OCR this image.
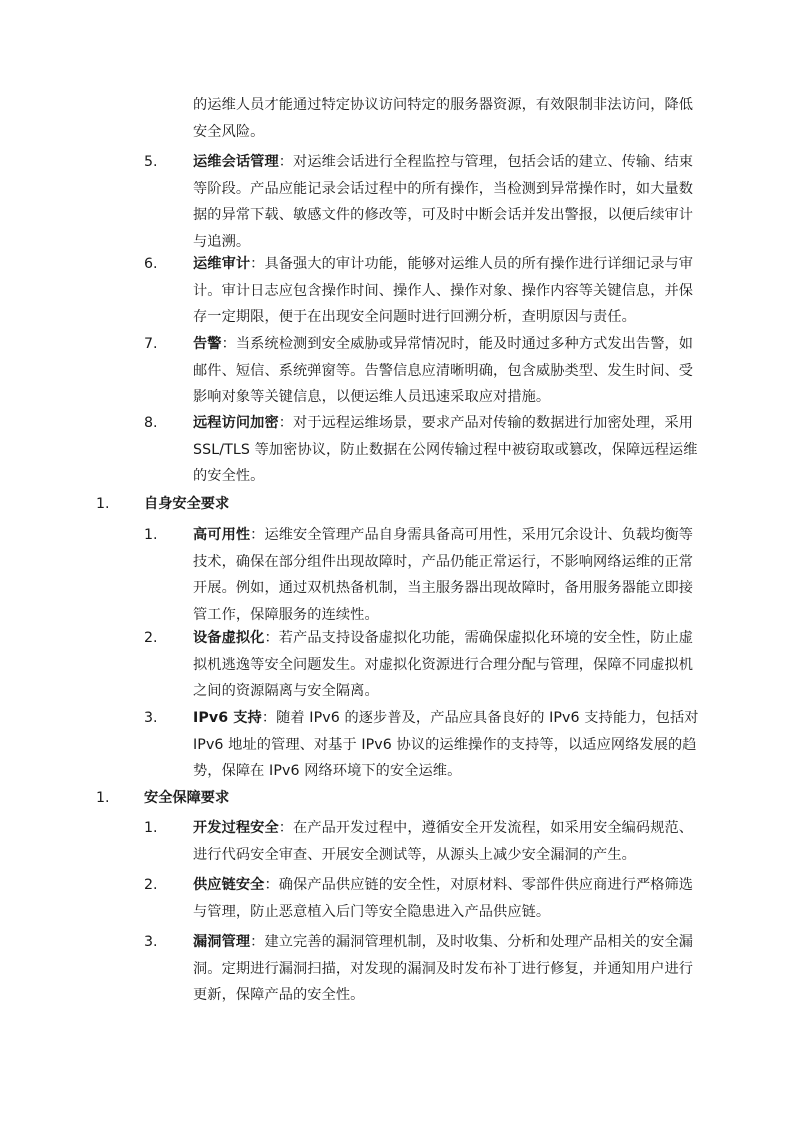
的运维人员才能通过特定协议访问特定的服务器资源，有效限制非法访问，降低安全风险。
5. 运维会话管理：对运维会话进行全程监控与管理，包括会话的建立、传输、结束等阶段。产品应能记录会话过程中的所有操作，当检测到异常操作时，如大量数据的异常下载、敏感文件的修改等，可及时中断会话并发出警报，以便后续审计与追溯。
6. 运维审计：具备强大的审计功能，能够对运维人员的所有操作进行详细记录与审计。审计日志应包含操作时间、操作人、操作对象、操作内容等关键信息，并保存一定期限，便于在出现安全问题时进行回溯分析，查明原因与责任。
7. 告警：当系统检测到安全威胁或异常情况时，能及时通过多种方式发出告警，如邮件、短信、系统弹窗等。告警信息应清晰明确，包含威胁类型、发生时间、受影响对象等关键信息，以便运维人员迅速采取应对措施。
8. 远程访问加密：对于远程运维场景，要求产品对传输的数据进行加密处理，采用 SSL/TLS 等加密协议，防止数据在公网传输过程中被窃取或篡改，保障远程运维的安全性。
1. 自身安全要求
1. 高可用性：运维安全管理产品自身需具备高可用性，采用冗余设计、负载均衡等技术，确保在部分组件出现故障时，产品仍能正常运行，不影响网络运维的正常开展。例如，通过双机热备机制，当主服务器出现故障时，备用服务器能立即接管工作，保障服务的连续性。
2. 设备虚拟化：若产品支持设备虚拟化功能，需确保虚拟化环境的安全性，防止虚拟机逃逸等安全问题发生。对虚拟化资源进行合理分配与管理，保障不同虚拟机之间的资源隔离与安全隔离。
3. IPv6 支持：随着 IPv6 的逐步普及，产品应具备良好的 IPv6 支持能力，包括对 IPv6 地址的管理、对基于 IPv6 协议的运维操作的支持等，以适应网络发展的趋势，保障在 IPv6 网络环境下的安全运维。
1. 安全保障要求
1. 开发过程安全：在产品开发过程中，遵循安全开发流程，如采用安全编码规范、进行代码安全审查、开展安全测试等，从源头上减少安全漏洞的产生。
2. 供应链安全：确保产品供应链的安全性，对原材料、零部件供应商进行严格筛选与管理，防止恶意植入后门等安全隐患进入产品供应链。
3. 漏洞管理：建立完善的漏洞管理机制，及时收集、分析和处理产品相关的安全漏洞。定期进行漏洞扫描，对发现的漏洞及时发布补丁进行修复，并通知用户进行更新，保障产品的安全性。
